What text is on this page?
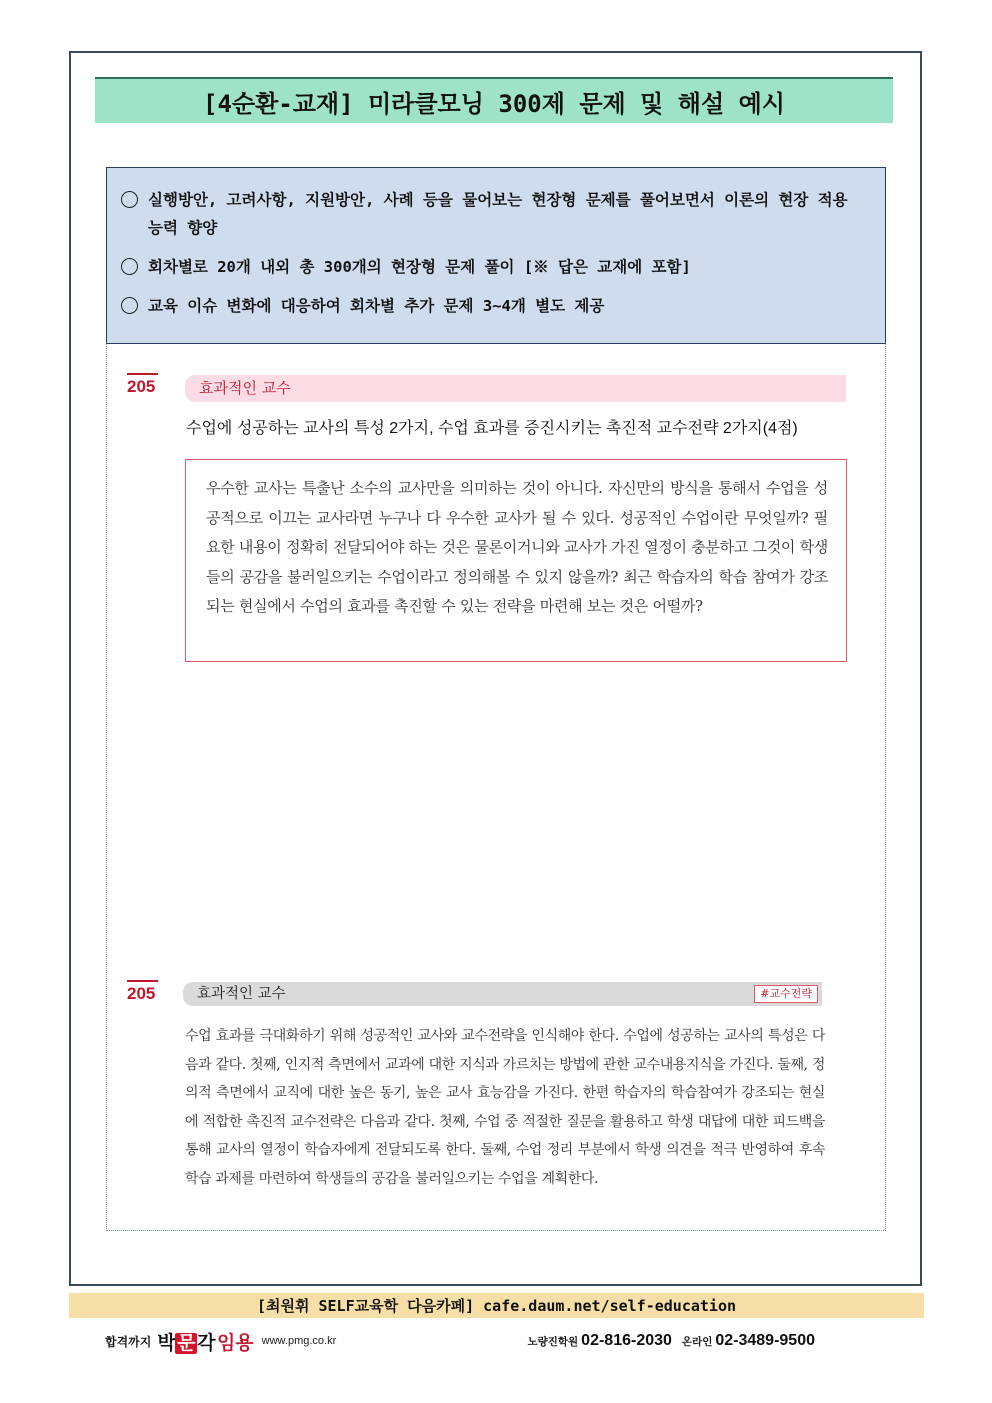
[4순환-교재] 미라클모닝 300제 문제 및 해설 예시
실행방안, 고려사항, 지원방안, 사례 등을 물어보는 현장형 문제를 풀어보면서 이론의 현장 적용 능력 향양
회차별로 20개 내외 총 300개의 현장형 문제 풀이 [※ 답은 교재에 포함]
교육 이슈 변화에 대응하여 회차별 추가 문제 3~4개 별도 제공
205	효과적인 교수
수업에 성공하는 교사의 특성 2가지, 수업 효과를 증진시키는 촉진적 교수전략 2가지(4점)

우수한 교사는 특출난 소수의 교사만을 의미하는 것이 아니다. 자신만의 방식을 통해서 수업을 성공적으로 이끄는 교사라면 누구나 다 우수한 교사가 될 수 있다. 성공적인 수업이란 무엇일까? 필요한 내용이 정확히 전달되어야 하는 것은 물론이거니와 교사가 가진 열정이 충분하고 그것이 학생들의 공감을 불러일으키는 수업이라고 정의해볼 수 있지 않을까? 최근 학습자의 학습 참여가 강조되는 현실에서 수업의 효과를 촉진할 수 있는 전략을 마련해 보는 것은 어떨까?

205	효과적인 교수	#교수전략

수업 효과를 극대화하기 위해 성공적인 교사와 교수전략을 인식해야 한다. 수업에 성공하는 교사의 특성은 다음과 같다. 첫째, 인지적 측면에서 교과에 대한 지식과 가르치는 방법에 관한 교수내용지식을 가진다. 둘째, 정의적 측면에서 교직에 대한 높은 동기, 높은 교사 효능감을 가진다. 한편 학습자의 학습참여가 강조되는 현실에 적합한 촉진적 교수전략은 다음과 같다. 첫째, 수업 중 적절한 질문을 활용하고 학생 대답에 대한 피드백을 통해 교사의 열정이 학습자에게 전달되도록 한다. 둘째, 수업 정리 부분에서 학생 의견을 적극 반영하여 후속 학습 과제를 마련하여 학생들의 공감을 불러일으키는 수업을 계획한다.

[최원휘 SELF교육학 다음카페] cafe.daum.net/self-education
합격까지 박 문 각 임용 www.pmg.co.kr	노량진학원 02-816-2030 온라인 02-3489-9500
